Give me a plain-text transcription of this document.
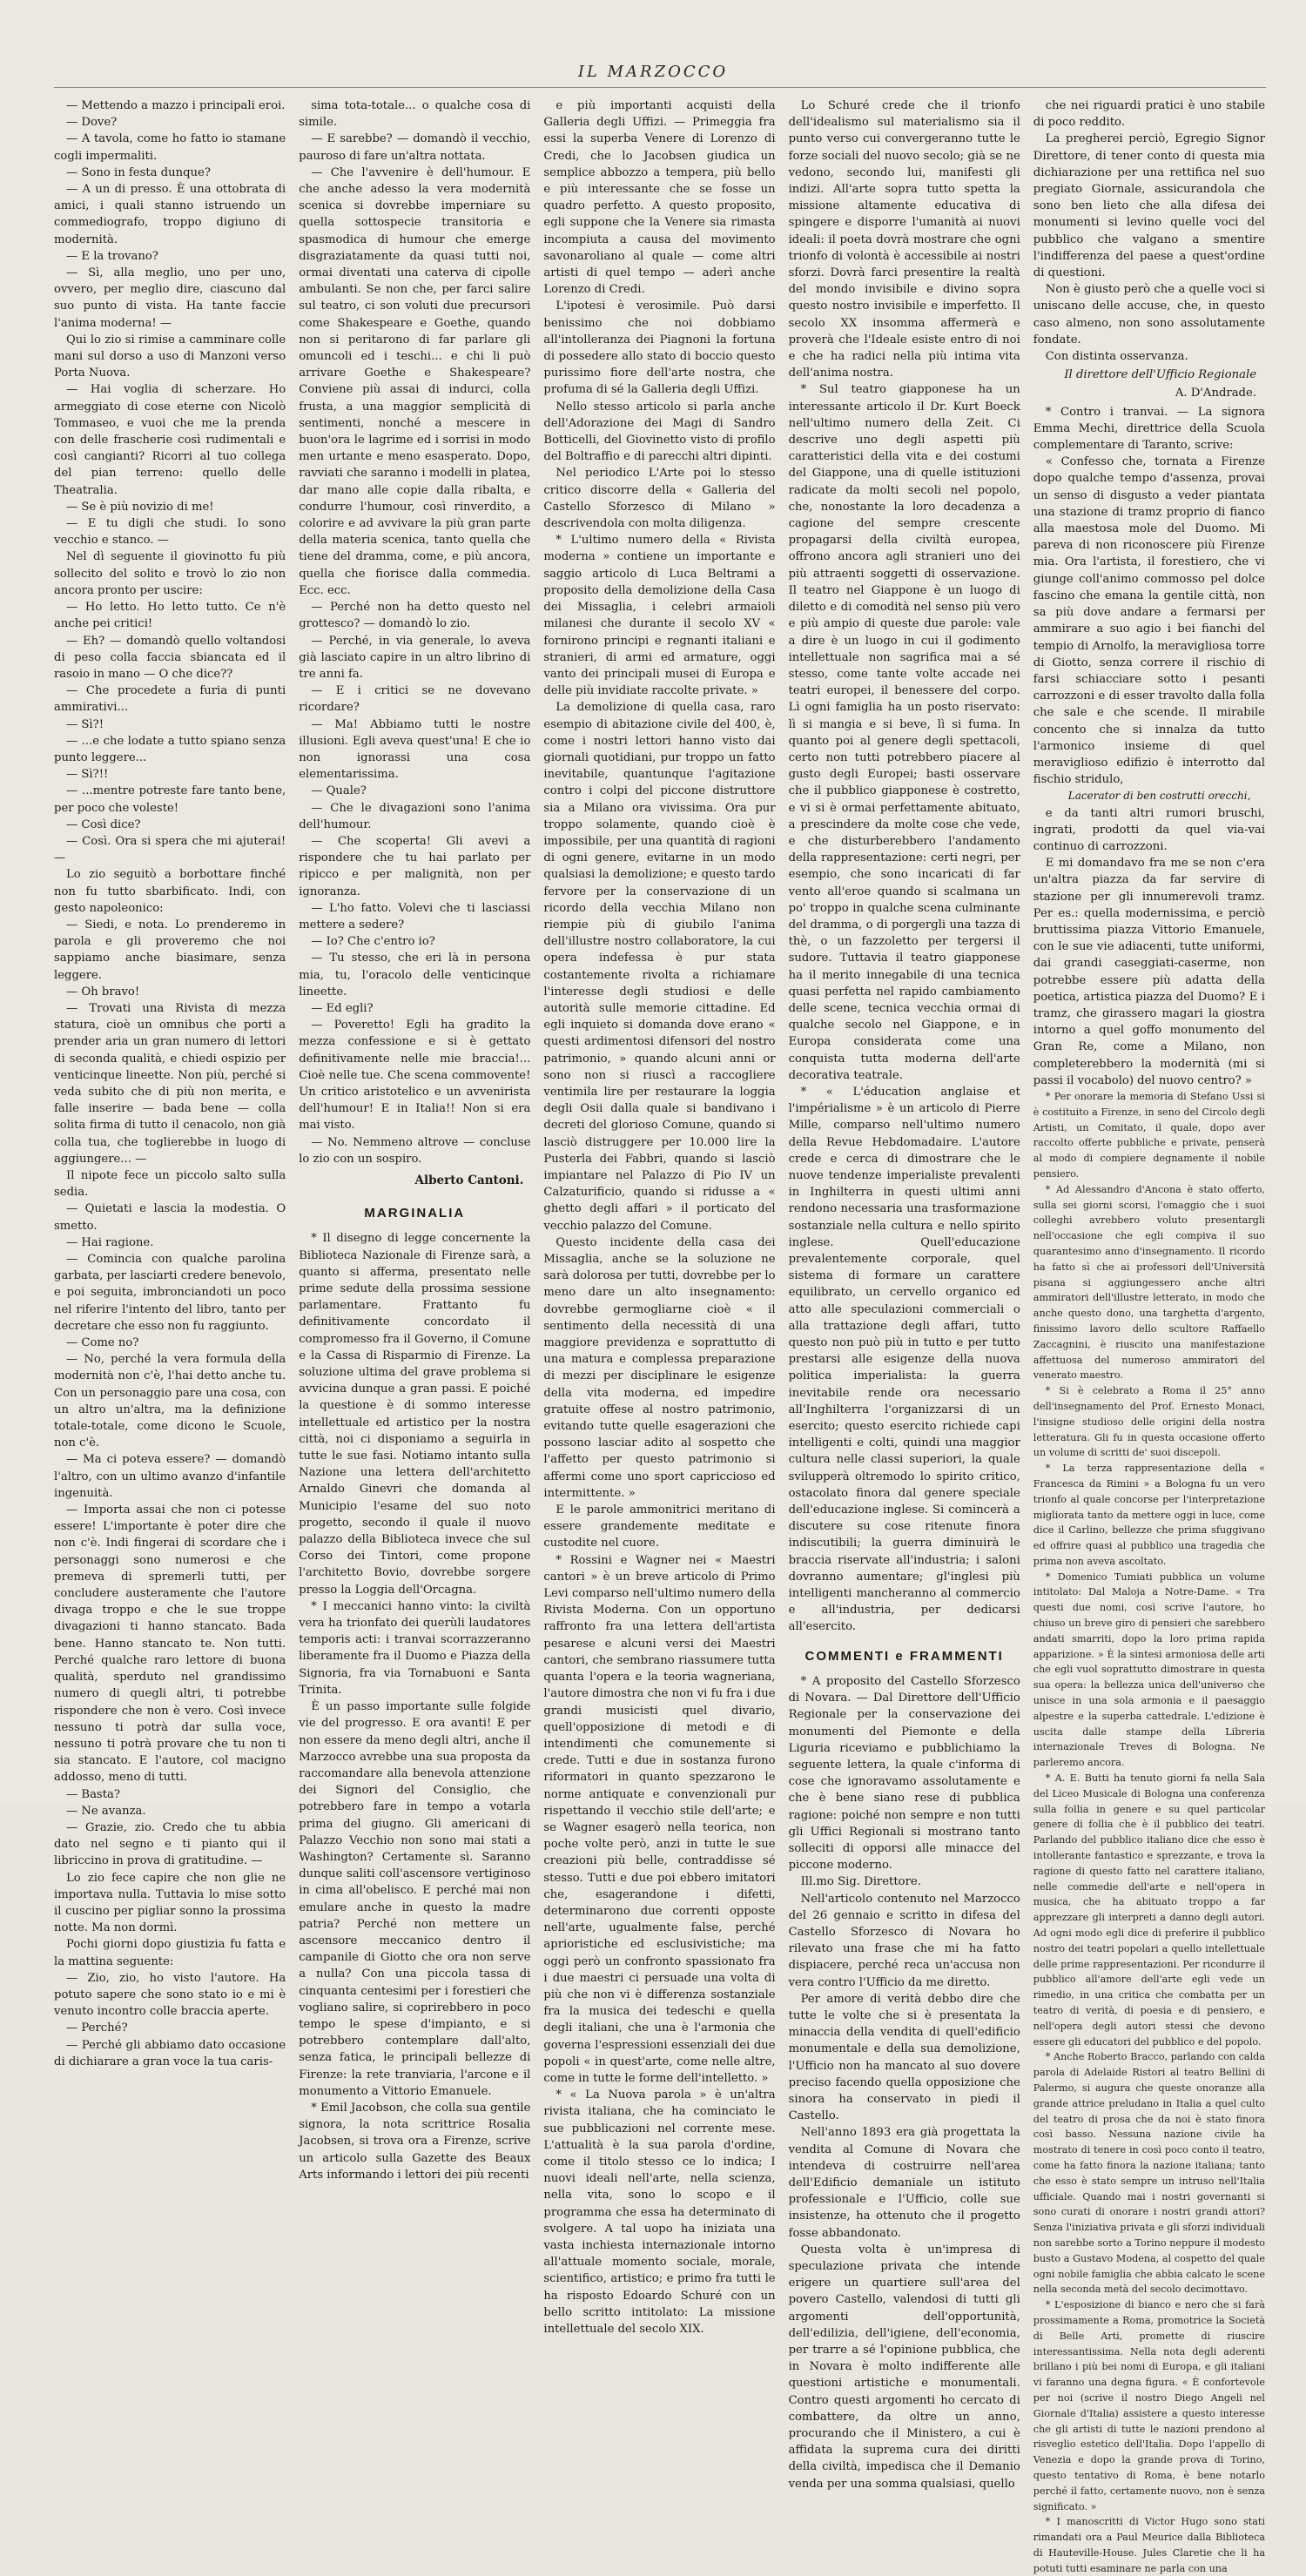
IL MARZOCCO

— Mettendo a mazzo i principali eroi.

— Dove?

— A tavola, come ho fatto io stamane cogli impermaliti.

— Sono in festa dunque?

— A un di presso. È una ottobrata di amici, i quali stanno istruendo un commediografo, troppo digiuno di modernità.

— E la trovano?

— Sì, alla meglio, uno per uno, ovvero, per meglio dire, ciascuno dal suo punto di vista. Ha tante faccie l'anima moderna! —

Qui lo zio si rimise a camminare colle mani sul dorso a uso di Manzoni verso Porta Nuova.

— Hai voglia di scherzare. Ho armeggiato di cose eterne con Nicolò Tommaseo, e vuoi che me la prenda con delle frascherie così rudimentali e così cangianti? Ricorri al tuo collega del pian terreno: quello delle Theatralia.

— Se è più novizio di me!

— E tu digli che studi. Io sono vecchio e stanco. —

Nel dì seguente il giovinotto fu più sollecito del solito e trovò lo zio non ancora pronto per uscire:

— Ho letto. Ho letto tutto. Ce n'è anche pei critici!

— Eh? — domandò quello voltandosi di peso colla faccia sbiancata ed il rasoio in mano — O che dice??

— Che procedete a furia di punti ammirativi...

— Sì?!

— ...e che lodate a tutto spiano senza punto leggere...

— Sì?!!

— ...mentre potreste fare tanto bene, per poco che voleste!

— Così dice?

— Così. Ora si spera che mi ajuterai! —

Lo zio seguitò a borbottare finché non fu tutto sbarbificato. Indi, con gesto napoleonico:

— Siedi, e nota. Lo prenderemo in parola e gli proveremo che noi sappiamo anche biasimare, senza leggere.

— Oh bravo!

— Trovati una Rivista di mezza statura, cioè un omnibus che porti a prender aria un gran numero di lettori di seconda qualità, e chiedi ospizio per venticinque lineette. Non più, perché si veda subito che di più non merita, e falle inserire — bada bene — colla solita firma di tutto il cenacolo, non già colla tua, che toglierebbe in luogo di aggiungere... —

Il nipote fece un piccolo salto sulla sedia.

— Quietati e lascia la modestia. O smetto.

— Hai ragione.

— Comincia con qualche parolina garbata, per lasciarti credere benevolo, e poi seguita, imbronciandoti un poco nel riferire l'intento del libro, tanto per decretare che esso non fu raggiunto.

— Come no?

— No, perché la vera formula della modernità non c'è, l'hai detto anche tu. Con un personaggio pare una cosa, con un altro un'altra, ma la definizione totale-totale, come dicono le Scuole, non c'è.

— Ma ci poteva essere? — domandò l'altro, con un ultimo avanzo d'infantile ingenuità.

— Importa assai che non ci potesse essere! L'importante è poter dire che non c'è. Indi fingerai di scordare che i personaggi sono numerosi e che premeva di spremerli tutti, per concludere austeramente che l'autore divaga troppo e che le sue troppe divagazioni ti hanno stancato. Bada bene. Hanno stancato te. Non tutti. Perché qualche raro lettore di buona qualità, sperduto nel grandissimo numero di quegli altri, ti potrebbe rispondere che non è vero. Così invece nessuno ti potrà dar sulla voce, nessuno ti potrà provare che tu non ti sia stancato. E l'autore, col macigno addosso, meno di tutti.

— Basta?

— Ne avanza.

— Grazie, zio. Credo che tu abbia dato nel segno e ti pianto qui il libriccino in prova di gratitudine. —

Lo zio fece capire che non glie ne importava nulla. Tuttavia lo mise sotto il cuscino per pigliar sonno la prossima notte. Ma non dormì.

Pochi giorni dopo giustizia fu fatta e la mattina seguente:

— Zio, zio, ho visto l'autore. Ha potuto sapere che sono stato io e mi è venuto incontro colle braccia aperte.

— Perché?

— Perché gli abbiamo dato occasione di dichiarare a gran voce la tua caris-

sima tota-totale... o qualche cosa di simile.

— E sarebbe? — domandò il vecchio, pauroso di fare un'altra nottata.

— Che l'avvenire è dell'humour. E che anche adesso la vera modernità scenica si dovrebbe imperniare su quella sottospecie transitoria e spasmodica di humour che emerge disgraziatamente da quasi tutti noi, ormai diventati una caterva di cipolle ambulanti. Se non che, per farci salire sul teatro, ci son voluti due precursori come Shakespeare e Goethe, quando non si peritarono di far parlare gli omuncoli ed i teschi... e chi li può arrivare Goethe e Shakespeare? Conviene più assai di indurci, colla frusta, a una maggior semplicità di sentimenti, nonché a mescere in buon'ora le lagrime ed i sorrisi in modo men urtante e meno esasperato. Dopo, ravviati che saranno i modelli in platea, dar mano alle copie dalla ribalta, e condurre l'humour, così rinverdito, a colorire e ad avvivare la più gran parte della materia scenica, tanto quella che tiene del dramma, come, e più ancora, quella che fiorisce dalla commedia. Ecc. ecc.

— Perché non ha detto questo nel grottesco? — domandò lo zio.

— Perché, in via generale, lo aveva già lasciato capire in un altro librino di tre anni fa.

— E i critici se ne dovevano ricordare?

— Ma! Abbiamo tutti le nostre illusioni. Egli aveva quest'una! E che io non ignorassi una cosa elementarissima.

— Quale?

— Che le divagazioni sono l'anima dell'humour.

— Che scoperta! Gli avevi a rispondere che tu hai parlato per ripicco e per malignità, non per ignoranza.

— L'ho fatto. Volevi che ti lasciassi mettere a sedere?

— Io? Che c'entro io?

— Tu stesso, che eri là in persona mia, tu, l'oracolo delle venticinque lineette.

— Ed egli?

— Poveretto! Egli ha gradito la mezza confessione e si è gettato definitivamente nelle mie braccia!... Cioè nelle tue. Che scena commovente! Un critico aristotelico e un avvenirista dell'humour! E in Italia!! Non si era mai visto.

— No. Nemmeno altrove — concluse lo zio con un sospiro.

Alberto Cantoni.
MARGINALIA

* Il disegno di legge concernente la Biblioteca Nazionale di Firenze sarà, a quanto si afferma, presentato nelle prime sedute della prossima sessione parlamentare. Frattanto fu definitivamente concordato il compromesso fra il Governo, il Comune e la Cassa di Risparmio di Firenze. La soluzione ultima del grave problema si avvicina dunque a gran passi. E poiché la questione è di sommo interesse intellettuale ed artistico per la nostra città, noi ci disponiamo a seguirla in tutte le sue fasi. Notiamo intanto sulla Nazione una lettera dell'architetto Arnaldo Ginevri che domanda al Municipio l'esame del suo noto progetto, secondo il quale il nuovo palazzo della Biblioteca invece che sul Corso dei Tintori, come propone l'architetto Bovio, dovrebbe sorgere presso la Loggia dell'Orcagna.

* I meccanici hanno vinto: la civiltà vera ha trionfato dei querùli laudatores temporis acti: i tranvai scorrazzeranno liberamente fra il Duomo e Piazza della Signoria, fra via Tornabuoni e Santa Trinita.

È un passo importante sulle folgide vie del progresso. E ora avanti! E per non essere da meno degli altri, anche il Marzocco avrebbe una sua proposta da raccomandare alla benevola attenzione dei Signori del Consiglio, che potrebbero fare in tempo a votarla prima del giugno. Gli americani di Palazzo Vecchio non sono mai stati a Washington? Certamente sì. Saranno dunque saliti coll'ascensore vertiginoso in cima all'obelisco. E perché mai non emulare anche in questo la madre patria? Perché non mettere un ascensore meccanico dentro il campanile di Giotto che ora non serve a nulla? Con una piccola tassa di cinquanta centesimi per i forestieri che vogliano salire, si coprirebbero in poco tempo le spese d'impianto, e si potrebbero contemplare dall'alto, senza fatica, le principali bellezze di Firenze: la rete tranviaria, l'arcone e il monumento a Vittorio Emanuele.

* Emil Jacobson, che colla sua gentile signora, la nota scrittrice Rosalia Jacobsen, si trova ora a Firenze, scrive un articolo sulla Gazette des Beaux Arts informando i lettori dei più recenti

e più importanti acquisti della Galleria degli Uffizi. — Primeggia fra essi la superba Venere di Lorenzo di Credi, che lo Jacobsen giudica un semplice abbozzo a tempera, più bello e più interessante che se fosse un quadro perfetto. A questo proposito, egli suppone che la Venere sia rimasta incompiuta a causa del movimento savonaroliano al quale — come altri artisti di quel tempo — aderì anche Lorenzo di Credi.

L'ipotesi è verosimile. Può darsi benissimo che noi dobbiamo all'intolleranza dei Piagnoni la fortuna di possedere allo stato di boccio questo purissimo fiore dell'arte nostra, che profuma di sé la Galleria degli Uffizi.

Nello stesso articolo si parla anche dell'Adorazione dei Magi di Sandro Botticelli, del Giovinetto visto di profilo del Boltraffio e di parecchi altri dipinti.

Nel periodico L'Arte poi lo stesso critico discorre della « Galleria del Castello Sforzesco di Milano » descrivendola con molta diligenza.

* L'ultimo numero della « Rivista moderna » contiene un importante e saggio articolo di Luca Beltrami a proposito della demolizione della Casa dei Missaglia, i celebri armaioli milanesi che durante il secolo XV « fornirono principi e regnanti italiani e stranieri, di armi ed armature, oggi vanto dei principali musei di Europa e delle più invidiate raccolte private. »

La demolizione di quella casa, raro esempio di abitazione civile del 400, è, come i nostri lettori hanno visto dai giornali quotidiani, pur troppo un fatto inevitabile, quantunque l'agitazione contro i colpi del piccone distruttore sia a Milano ora vivissima. Ora pur troppo solamente, quando cioè è impossibile, per una quantità di ragioni di ogni genere, evitarne in un modo qualsiasi la demolizione; e questo tardo fervore per la conservazione di un ricordo della vecchia Milano non riempie più di giubilo l'anima dell'illustre nostro collaboratore, la cui opera indefessa è pur stata costantemente rivolta a richiamare l'interesse degli studiosi e delle autorità sulle memorie cittadine. Ed egli inquieto si domanda dove erano « questi ardimentosi difensori del nostro patrimonio, » quando alcuni anni or sono non si riuscì a raccogliere ventimila lire per restaurare la loggia degli Osii dalla quale si bandivano i decreti del glorioso Comune, quando si lasciò distruggere per 10.000 lire la Pusterla dei Fabbri, quando si lasciò impiantare nel Palazzo di Pio IV un Calzaturificio, quando si ridusse a « ghetto degli affari » il porticato del vecchio palazzo del Comune.

Questo incidente della casa dei Missaglia, anche se la soluzione ne sarà dolorosa per tutti, dovrebbe per lo meno dare un alto insegnamento: dovrebbe germogliarne cioè « il sentimento della necessità di una maggiore previdenza e soprattutto di una matura e complessa preparazione di mezzi per disciplinare le esigenze della vita moderna, ed impedire gratuite offese al nostro patrimonio, evitando tutte quelle esagerazioni che possono lasciar adito al sospetto che l'affetto per questo patrimonio si affermi come uno sport capriccioso ed intermittente. »

E le parole ammonitrici meritano di essere grandemente meditate e custodite nel cuore.

* Rossini e Wagner nei « Maestri cantori » è un breve articolo di Primo Levi comparso nell'ultimo numero della Rivista Moderna. Con un opportuno raffronto fra una lettera dell'artista pesarese e alcuni versi dei Maestri cantori, che sembrano riassumere tutta quanta l'opera e la teoria wagneriana, l'autore dimostra che non vi fu fra i due grandi musicisti quel divario, quell'opposizione di metodi e di intendimenti che comunemente si crede. Tutti e due in sostanza furono riformatori in quanto spezzarono le norme antiquate e convenzionali pur rispettando il vecchio stile dell'arte; e se Wagner esagerò nella teorica, non poche volte però, anzi in tutte le sue creazioni più belle, contraddisse sé stesso. Tutti e due poi ebbero imitatori che, esagerandone i difetti, determinarono due correnti opposte nell'arte, ugualmente false, perché aprioristiche ed esclusivistiche; ma oggi però un confronto spassionato fra i due maestri ci persuade una volta di più che non vi è differenza sostanziale fra la musica dei tedeschi e quella degli italiani, che una è l'armonia che governa l'espressioni essenziali dei due popoli « in quest'arte, come nelle altre, come in tutte le forme dell'intelletto. »

* « La Nuova parola » è un'altra rivista italiana, che ha cominciato le sue pubblicazioni nel corrente mese. L'attualità è la sua parola d'ordine, come il titolo stesso ce lo indica; I nuovi ideali nell'arte, nella scienza, nella vita, sono lo scopo e il programma che essa ha determinato di svolgere. A tal uopo ha iniziata una vasta inchiesta internazionale intorno all'attuale momento sociale, morale, scientifico, artistico; e primo fra tutti le ha risposto Edoardo Schuré con un bello scritto intitolato: La missione intellettuale del secolo XIX.

Lo Schuré crede che il trionfo dell'idealismo sul materialismo sia il punto verso cui convergeranno tutte le forze sociali del nuovo secolo; già se ne vedono, secondo lui, manifesti gli indizi. All'arte sopra tutto spetta la missione altamente educativa di spingere e disporre l'umanità ai nuovi ideali: il poeta dovrà mostrare che ogni trionfo di volontà è accessibile ai nostri sforzi. Dovrà farci presentire la realtà del mondo invisibile e divino sopra questo nostro invisibile e imperfetto. Il secolo XX insomma affermerà e proverà che l'Ideale esiste entro di noi e che ha radici nella più intima vita dell'anima nostra.

* Sul teatro giapponese ha un interessante articolo il Dr. Kurt Boeck nell'ultimo numero della Zeit. Ci descrive uno degli aspetti più caratteristici della vita e dei costumi del Giappone, una di quelle istituzioni radicate da molti secoli nel popolo, che, nonostante la loro decadenza a cagione del sempre crescente propagarsi della civiltà europea, offrono ancora agli stranieri uno dei più attraenti soggetti di osservazione. Il teatro nel Giappone è un luogo di diletto e di comodità nel senso più vero e più ampio di queste due parole: vale a dire è un luogo in cui il godimento intellettuale non sagrifica mai a sé stesso, come tante volte accade nei teatri europei, il benessere del corpo. Lì ogni famiglia ha un posto riservato: lì si mangia e si beve, lì si fuma. In quanto poi al genere degli spettacoli, certo non tutti potrebbero piacere al gusto degli Europei; basti osservare che il pubblico giapponese è costretto, e vi si è ormai perfettamente abituato, a prescindere da molte cose che vede, e che disturberebbero l'andamento della rappresentazione: certi negri, per esempio, che sono incaricati di far vento all'eroe quando si scalmana un po' troppo in qualche scena culminante del dramma, o di porgergli una tazza di thè, o un fazzoletto per tergersi il sudore. Tuttavia il teatro giapponese ha il merito innegabile di una tecnica quasi perfetta nel rapido cambiamento delle scene, tecnica vecchia ormai di qualche secolo nel Giappone, e in Europa considerata come una conquista tutta moderna dell'arte decorativa teatrale.

* « L'éducation anglaise et l'impérialisme » è un articolo di Pierre Mille, comparso nell'ultimo numero della Revue Hebdomadaire. L'autore crede e cerca di dimostrare che le nuove tendenze imperialiste prevalenti in Inghilterra in questi ultimi anni rendono necessaria una trasformazione sostanziale nella cultura e nello spirito inglese. Quell'educazione prevalentemente corporale, quel sistema di formare un carattere equilibrato, un cervello organico ed atto alle speculazioni commerciali o alla trattazione degli affari, tutto questo non può più in tutto e per tutto prestarsi alle esigenze della nuova politica imperialista: la guerra inevitabile rende ora necessario all'Inghilterra l'organizzarsi di un esercito; questo esercito richiede capi intelligenti e colti, quindi una maggior cultura nelle classi superiori, la quale svilupperà oltremodo lo spirito critico, ostacolato finora dal genere speciale dell'educazione inglese. Si comincerà a discutere su cose ritenute finora indiscutibili; la guerra diminuirà le braccia riservate all'industria; i saloni dovranno aumentare; gl'inglesi più intelligenti mancheranno al commercio e all'industria, per dedicarsi all'esercito.

COMMENTI e FRAMMENTI

* A proposito del Castello Sforzesco di Novara. — Dal Direttore dell'Ufficio Regionale per la conservazione dei monumenti del Piemonte e della Liguria riceviamo e pubblichiamo la seguente lettera, la quale c'informa di cose che ignoravamo assolutamente e che è bene siano rese di pubblica ragione: poiché non sempre e non tutti gli Uffici Regionali si mostrano tanto solleciti di opporsi alle minacce del piccone moderno.

Ill.mo Sig. Direttore.

Nell'articolo contenuto nel Marzocco del 26 gennaio e scritto in difesa del Castello Sforzesco di Novara ho rilevato una frase che mi ha fatto dispiacere, perché reca un'accusa non vera contro l'Ufficio da me diretto.

Per amore di verità debbo dire che tutte le volte che si è presentata la minaccia della vendita di quell'edificio monumentale e della sua demolizione, l'Ufficio non ha mancato al suo dovere preciso facendo quella opposizione che sinora ha conservato in piedi il Castello.

Nell'anno 1893 era già progettata la vendita al Comune di Novara che intendeva di costruirre nell'area dell'Edificio demaniale un istituto professionale e l'Ufficio, colle sue insistenze, ha ottenuto che il progetto fosse abbandonato.

Questa volta è un'impresa di speculazione privata che intende erigere un quartiere sull'area del povero Castello, valendosi di tutti gli argomenti dell'opportunità, dell'edilizia, dell'igiene, dell'economia, per trarre a sé l'opinione pubblica, che in Novara è molto indifferente alle questioni artistiche e monumentali. Contro questi argomenti ho cercato di combattere, da oltre un anno, procurando che il Ministero, a cui è affidata la suprema cura dei diritti della civiltà, impedisca che il Demanio venda per una somma qualsiasi, quello

che nei riguardi pratici è uno stabile di poco reddito.

La pregherei perciò, Egregio Signor Direttore, di tener conto di questa mia dichiarazione per una rettifica nel suo pregiato Giornale, assicurandola che sono ben lieto che alla difesa dei monumenti si levino quelle voci del pubblico che valgano a smentire l'indifferenza del paese a quest'ordine di questioni.

Non è giusto però che a quelle voci si uniscano delle accuse, che, in questo caso almeno, non sono assolutamente fondate.

Con distinta osservanza.

Il direttore dell'Ufficio Regionale
A. D'Andrade.

* Contro i tranvai. — La signora Emma Mechi, direttrice della Scuola complementare di Taranto, scrive:

« Confesso che, tornata a Firenze dopo qualche tempo d'assenza, provai un senso di disgusto a veder piantata una stazione di tramz proprio di fianco alla maestosa mole del Duomo. Mi pareva di non riconoscere più Firenze mia. Ora l'artista, il forestiero, che vi giunge coll'animo commosso pel dolce fascino che emana la gentile città, non sa più dove andare a fermarsi per ammirare a suo agio i bei fianchi del tempio di Arnolfo, la meravigliosa torre di Giotto, senza correre il rischio di farsi schiacciare sotto i pesanti carrozzoni e di esser travolto dalla folla che sale e che scende. Il mirabile concento che si innalza da tutto l'armonico insieme di quel meraviglioso edifizio è interrotto dal fischio stridulo,

Lacerator di ben costrutti orecchi,

e da tanti altri rumori bruschi, ingrati, prodotti da quel via-vai continuo di carrozzoni.

E mi domandavo fra me se non c'era un'altra piazza da far servire di stazione per gli innumerevoli tramz. Per es.: quella modernissima, e perciò bruttissima piazza Vittorio Emanuele, con le sue vie adiacenti, tutte uniformi, dai grandi caseggiati-caserme, non potrebbe essere più adatta della poetica, artistica piazza del Duomo? E i tramz, che girassero magari la giostra intorno a quel goffo monumento del Gran Re, come a Milano, non completerebbero la modernità (mi si passi il vocabolo) del nuovo centro? »

* Per onorare la memoria di Stefano Ussi si è costituito a Firenze, in seno del Circolo degli Artisti, un Comitato, il quale, dopo aver raccolto offerte pubbliche e private, penserà al modo di compiere degnamente il nobile pensiero.

* Ad Alessandro d'Ancona è stato offerto, sulla sei giorni scorsi, l'omaggio che i suoi colleghi avrebbero voluto presentargli nell'occasione che egli compiva il suo quarantesimo anno d'insegnamento. Il ricordo ha fatto sì che ai professori dell'Università pisana si aggiungessero anche altri ammiratori dell'illustre letterato, in modo che anche questo dono, una targhetta d'argento, finissimo lavoro dello scultore Raffaello Zaccagnini, è riuscito una manifestazione affettuosa del numeroso ammiratori del venerato maestro.

* Si è celebrato a Roma il 25° anno dell'insegnamento del Prof. Ernesto Monaci, l'insigne studioso delle origini della nostra letteratura. Gli fu in questa occasione offerto un volume di scritti de' suoi discepoli.

* La terza rappresentazione della « Francesca da Rimini » a Bologna fu un vero trionfo al quale concorse per l'interpretazione migliorata tanto da mettere oggi in luce, come dice il Carlino, bellezze che prima sfuggivano ed offrire quasi al pubblico una tragedia che prima non aveva ascoltato.

* Domenico Tumiati pubblica un volume intitolato: Dal Maloja a Notre-Dame. « Tra questi due nomi, così scrive l'autore, ho chiuso un breve giro di pensieri che sarebbero andati smarriti, dopo la loro prima rapida apparizione. » È la sintesi armoniosa delle arti che egli vuol soprattutto dimostrare in questa sua opera: la bellezza unica dell'universo che unisce in una sola armonia e il paesaggio alpestre e la superba cattedrale. L'edizione è uscita dalle stampe della Libreria internazionale Treves di Bologna. Ne parleremo ancora.

* A. E. Butti ha tenuto giorni fa nella Sala del Liceo Musicale di Bologna una conferenza sulla follia in genere e su quel particolar genere di follia che è il pubblico dei teatri. Parlando del pubblico italiano dice che esso è intollerante fantastico e sprezzante, e trova la ragione di questo fatto nel carattere italiano, nelle commedie dell'arte e nell'opera in musica, che ha abituato troppo a far apprezzare gli interpreti a danno degli autori. Ad ogni modo egli dice di preferire il pubblico nostro dei teatri popolari a quello intellettuale delle prime rappresentazioni. Per ricondurre il pubblico all'amore dell'arte egli vede un rimedio, in una critica che combatta per un teatro di verità, di poesia e di pensiero, e nell'opera degli autori stessi che devono essere gli educatori del pubblico e del popolo.

* Anche Roberto Bracco, parlando con calda parola di Adelaide Ristori al teatro Bellini di Palermo, si augura che queste onoranze alla grande attrice preludano in Italia a quel culto del teatro di prosa che da noi è stato finora così basso. Nessuna nazione civile ha mostrato di tenere in così poco conto il teatro, come ha fatto finora la nazione italiana; tanto che esso è stato sempre un intruso nell'Italia ufficiale. Quando mai i nostri governanti si sono curati di onorare i nostri grandi attori? Senza l'iniziativa privata e gli sforzi individuali non sarebbe sorto a Torino neppure il modesto busto a Gustavo Modena, al cospetto del quale ogni nobile famiglia che abbia calcato le scene nella seconda metà del secolo decimottavo.

* L'esposizione di bianco e nero che si farà prossimamente a Roma, promotrice la Società di Belle Arti, promette di riuscire interessantissima. Nella nota degli aderenti brillano i più bei nomi di Europa, e gli italiani vi faranno una degna figura. « È confortevole per noi (scrive il nostro Diego Angeli nel Giornale d'Italia) assistere a questo interesse che gli artisti di tutte le nazioni prendono al risveglio estetico dell'Italia. Dopo l'appello di Venezia e dopo la grande prova di Torino, questo tentativo di Roma, è bene notarlo perché il fatto, certamente nuovo, non è senza significato. »

* I manoscritti di Victor Hugo sono stati rimandati ora a Paul Meurice dalla Biblioteca di Hauteville-House. Jules Claretie che li ha potuti tutti esaminare ne parla con una
